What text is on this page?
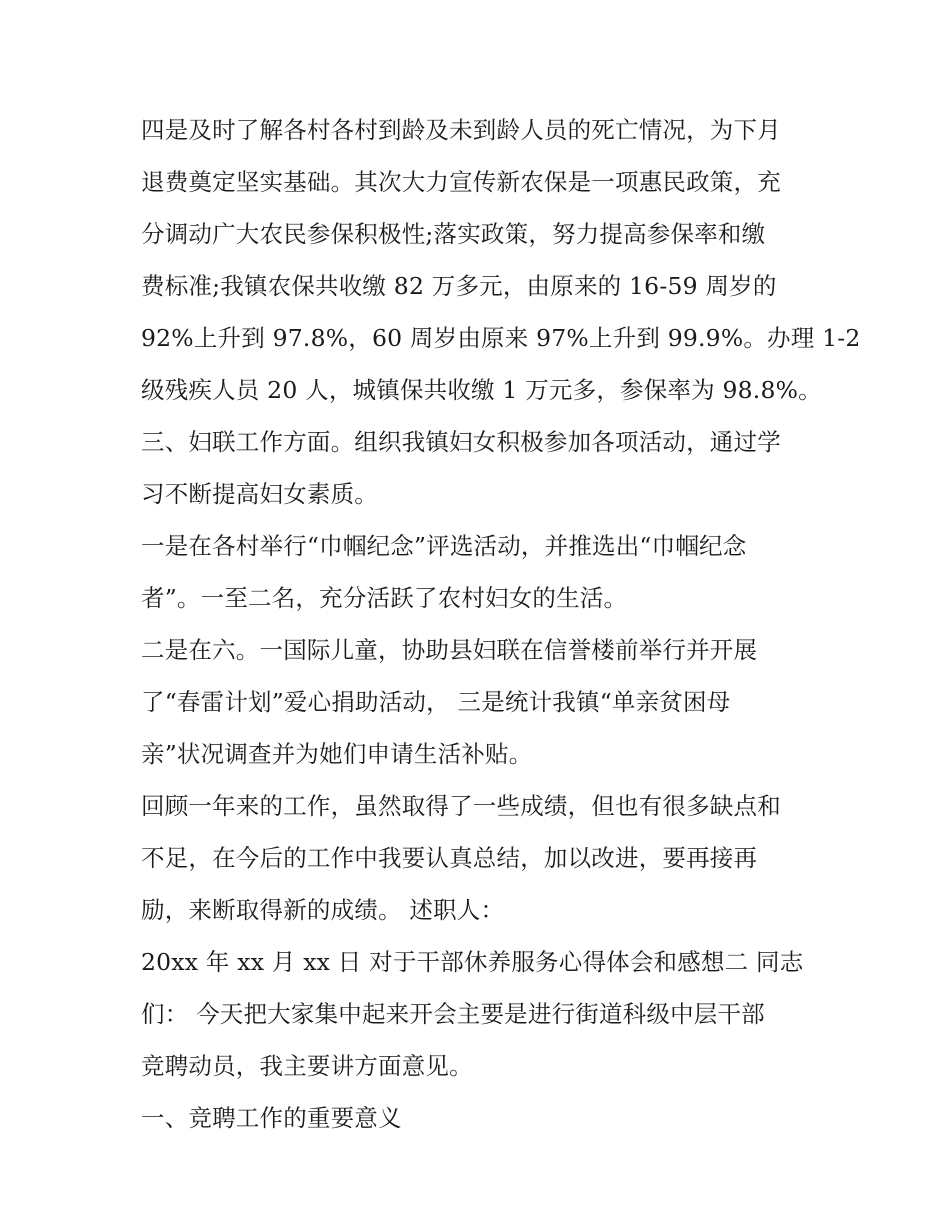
四是及时了解各村各村到龄及未到龄人员的死亡情况，为下月
退费奠定坚实基础。其次大力宣传新农保是一项惠民政策，充
分调动广大农民参保积极性;落实政策，努力提高参保率和缴
费标准;我镇农保共收缴 82 万多元，由原来的 16-59 周岁的
92%上升到 97.8%，60 周岁由原来 97%上升到 99.9%。办理 1-2
级残疾人员 20 人，城镇保共收缴 1 万元多，参保率为 98.8%。
三、妇联工作方面。组织我镇妇女积极参加各项活动，通过学
习不断提高妇女素质。
一是在各村举行“巾帼纪念”评选活动，并推选出“巾帼纪念
者”。一至二名，充分活跃了农村妇女的生活。
二是在六。一国际儿童，协助县妇联在信誉楼前举行并开展
了“春雷计划”爱心捐助活动， 三是统计我镇“单亲贫困母
亲”状况调查并为她们申请生活补贴。
回顾一年来的工作，虽然取得了一些成绩，但也有很多缺点和
不足，在今后的工作中我要认真总结，加以改进，要再接再
励，来断取得新的成绩。 述职人：
20xx 年 xx 月 xx 日 对于干部休养服务心得体会和感想二 同志
们： 今天把大家集中起来开会主要是进行街道科级中层干部
竞聘动员，我主要讲方面意见。
一、竞聘工作的重要意义
